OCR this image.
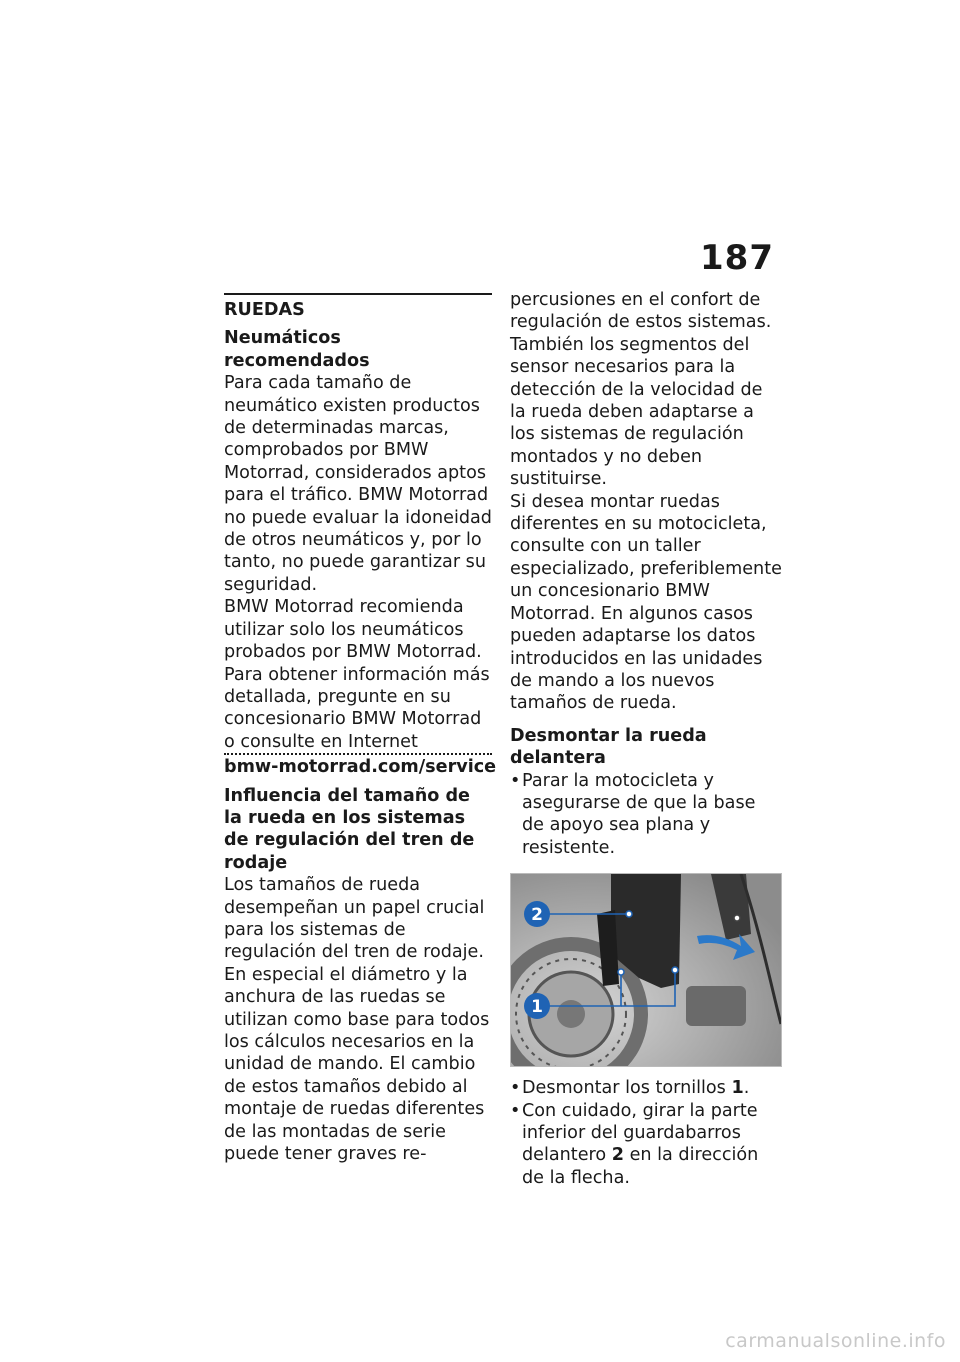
187
RUEDAS
Neumáticos recomendados

Para cada tamaño de neumático existen productos de determinadas marcas, comprobados por BMW Motorrad, considerados aptos para el tráfico. BMW Motorrad no puede evaluar la idoneidad de otros neumáticos y, por lo tanto, no puede garantizar su seguridad.

BMW Motorrad recomienda utilizar solo los neumáticos probados por BMW Motorrad.

Para obtener información más detallada, pregunte en su concesionario BMW Motorrad o consulte en Internet

bmw-motorrad.com/service
Influencia del tamaño de la rueda en los sistemas de regulación del tren de rodaje

Los tamaños de rueda desempeñan un papel crucial para los sistemas de regulación del tren de rodaje. En especial el diámetro y la anchura de las ruedas se utilizan como base para todos los cálculos necesarios en la unidad de mando. El cambio de estos tamaños debido al montaje de ruedas diferentes de las montadas de serie puede tener graves re-

percusiones en el confort de regulación de estos sistemas.

También los segmentos del sensor necesarios para la detección de la velocidad de la rueda deben adaptarse a los sistemas de regulación montados y no deben sustituirse.

Si desea montar ruedas diferentes en su motocicleta, consulte con un taller especializado, preferiblemente un concesionario BMW Motorrad. En algunos casos pueden adaptarse los datos introducidos en las unidades de mando a los nuevos tamaños de rueda.

Desmontar la rueda delantera
• Parar la motocicleta y asegurarse de que la base de apoyo sea plana y resistente.
2
1
• Desmontar los tornillos 1.
• Con cuidado, girar la parte inferior del guardabarros delantero 2 en la dirección de la flecha.
carmanualsonline.info
